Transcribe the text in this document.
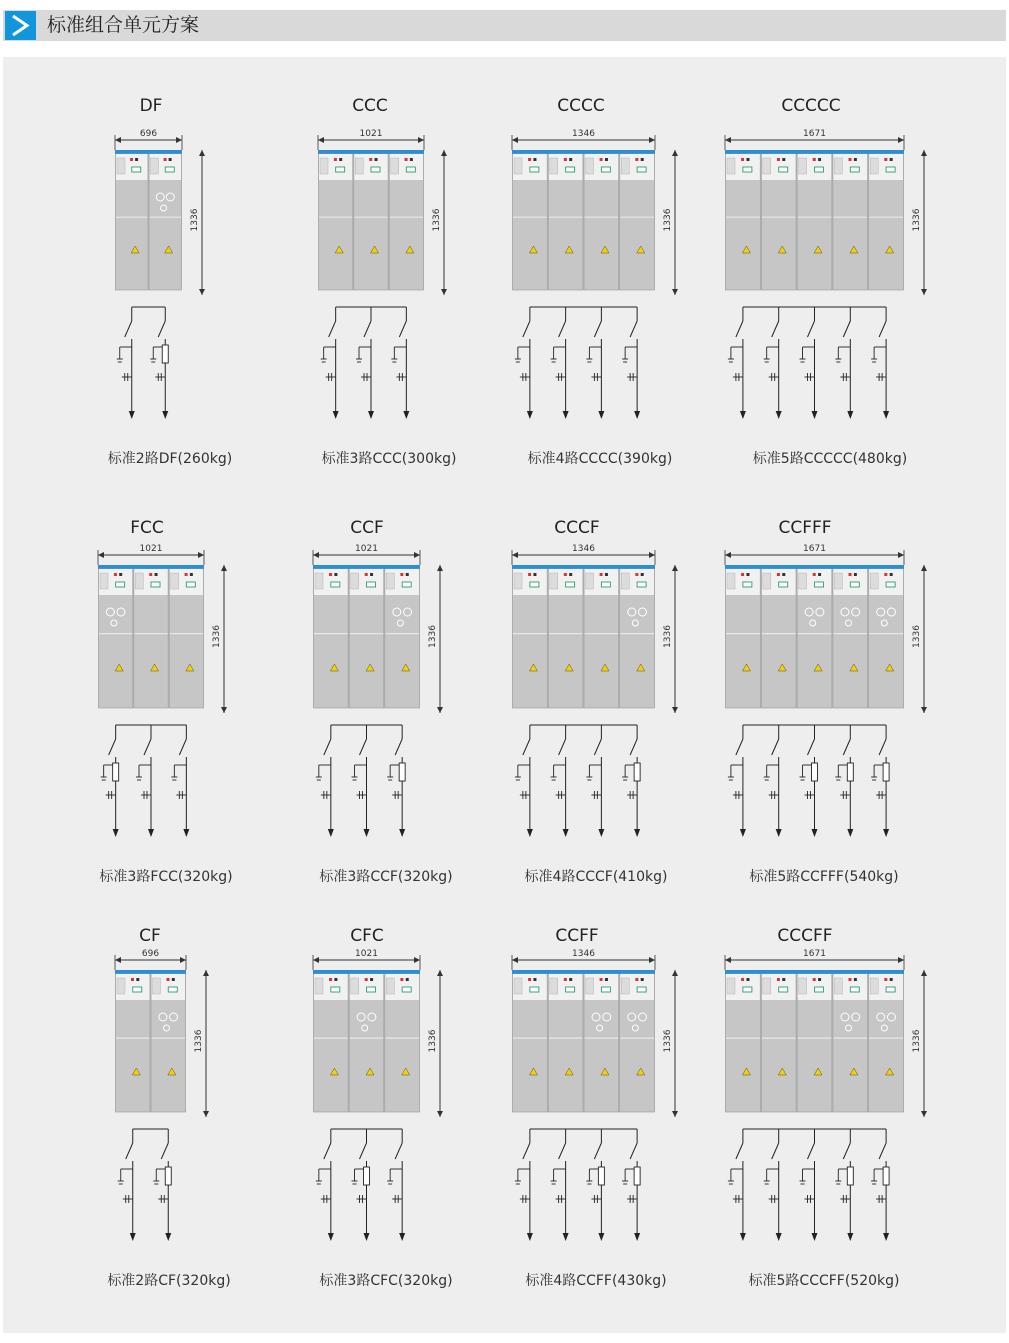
标准组合单元方案
696
1336
1021
1336
1346
1336
1671
1336
1021
1336
1021
1336
1346
1336
1671
1336
696
1336
1021
1336
1346
1336
1671
1336
DF
标准2路DF(260kg)
CCC
标准3路CCC(300kg)
CCCC
标准4路CCCC(390kg)
CCCCC
标准5路CCCCC(480kg)
FCC
标准3路FCC(320kg)
CCF
标准3路CCF(320kg)
CCCF
标准4路CCCF(410kg)
CCFFF
标准5路CCFFF(540kg)
CF
标准2路CF(320kg)
CFC
标准3路CFC(320kg)
CCFF
标准4路CCFF(430kg)
CCCFF
标准5路CCCFF(520kg)
